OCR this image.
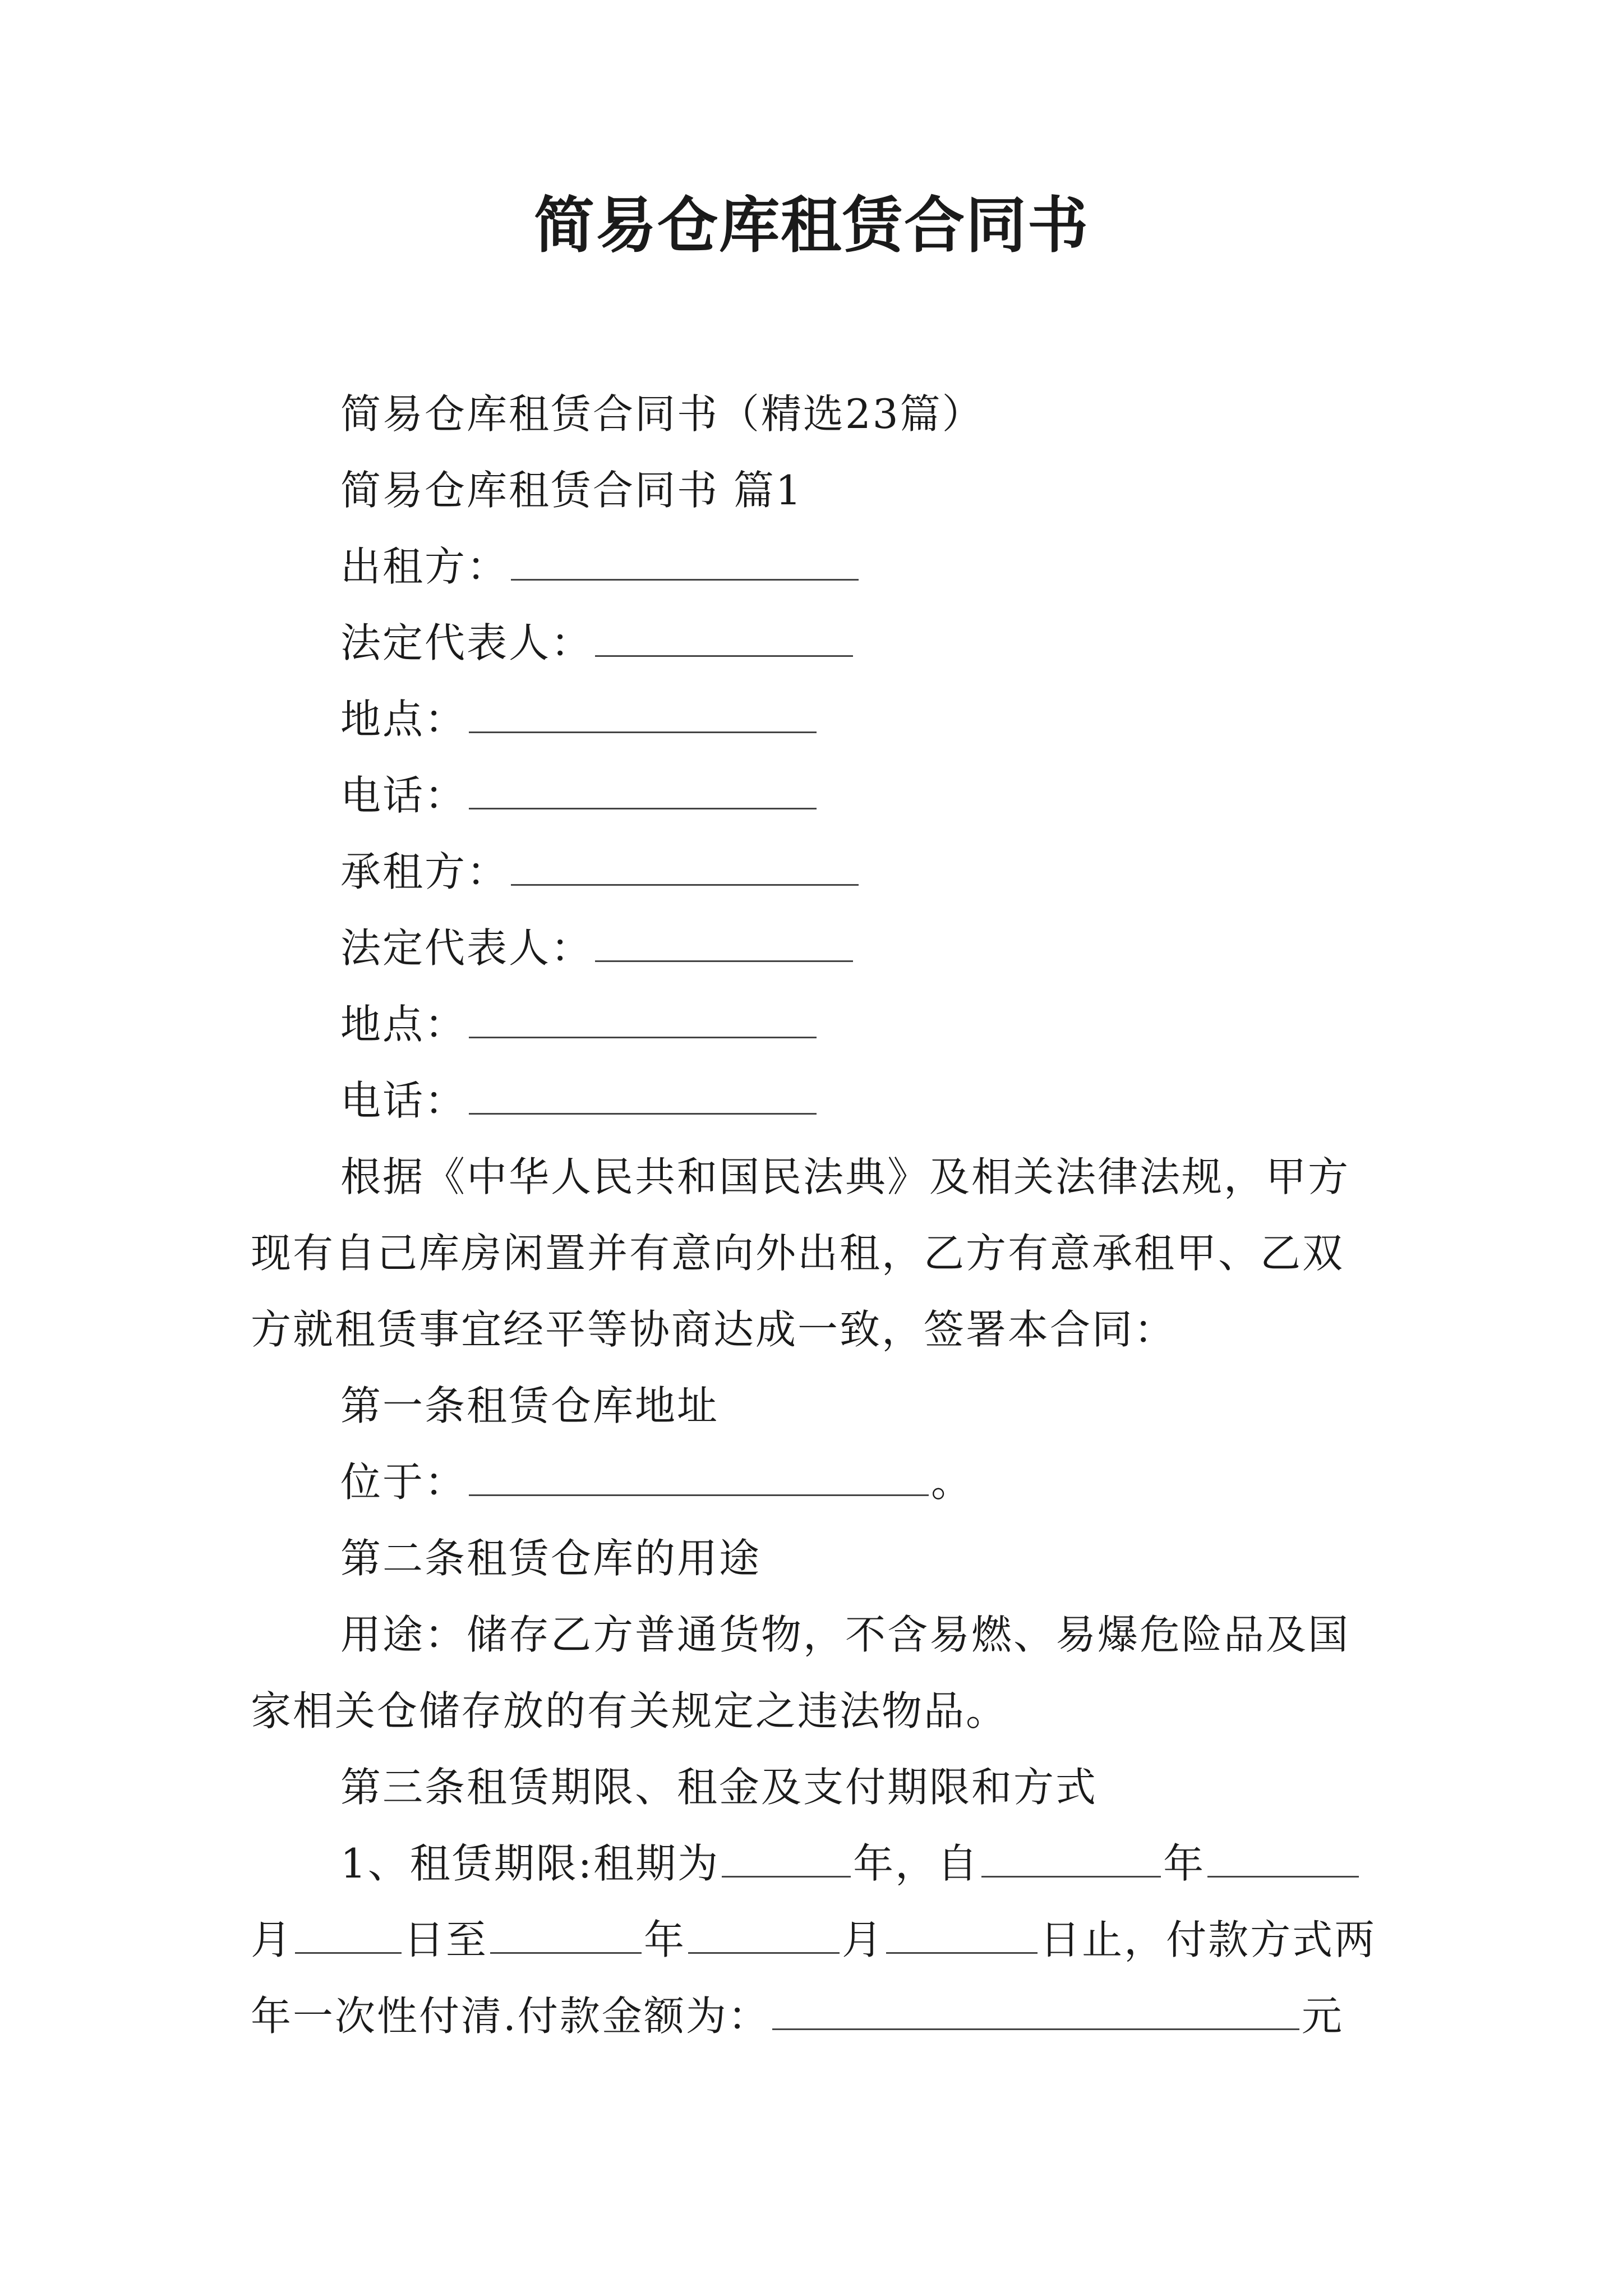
简易仓库租赁合同书

简易仓库租赁合同书（精选23篇）

简易仓库租赁合同书 篇1

出租方：

法定代表人：

地点：

电话：

承租方：

法定代表人：

地点：

电话：

根据《中华人民共和国民法典》及相关法律法规，甲方现有自己库房闲置并有意向外出租，乙方有意承租甲、乙双方就租赁事宜经平等协商达成一致，签署本合同：

第一条租赁仓库地址

位于：	。

第二条租赁仓库的用途

用途：储存乙方普通货物，不含易燃、易爆危险品及国家相关仓储存放的有关规定之违法物品。

第三条租赁期限、租金及支付期限和方式

1、租赁期限:租期为	年，自	年月	日至	年	月	日止，付款方式两年一次性付清.付款金额为：	元
